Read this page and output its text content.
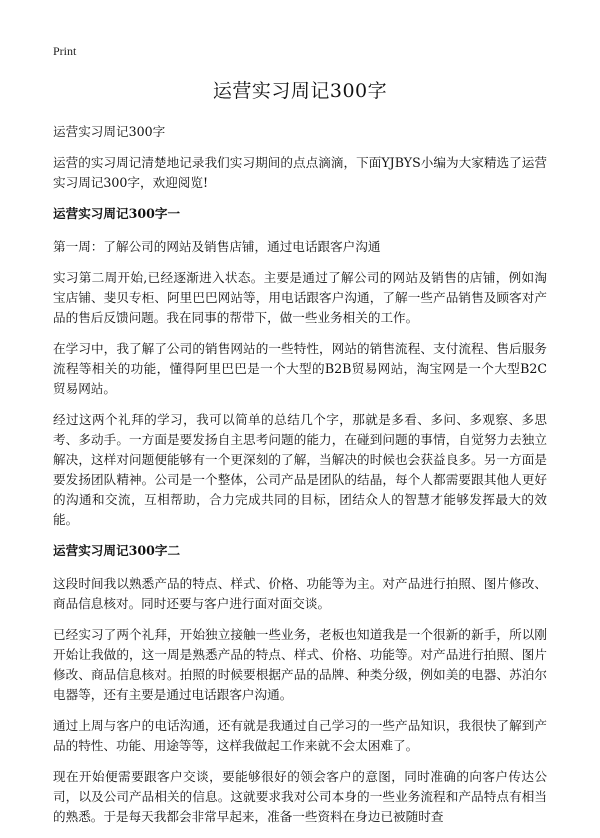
Print
运营实习周记300字

运营实习周记300字

运营的实习周记清楚地记录我们实习期间的点点滴滴，下面YJBYS小编为大家精选了运营实习周记300字，欢迎阅览!

运营实习周记300字一

第一周：了解公司的网站及销售店铺，通过电话跟客户沟通

实习第二周开始,已经逐渐进入状态。主要是通过了解公司的网站及销售的店铺，例如淘宝店铺、斐贝专柜、阿里巴巴网站等，用电话跟客户沟通，了解一些产品销售及顾客对产品的售后反馈问题。我在同事的帮带下，做一些业务相关的工作。

在学习中，我了解了公司的销售网站的一些特性，网站的销售流程、支付流程、售后服务流程等相关的功能，懂得阿里巴巴是一个大型的B2B贸易网站，淘宝网是一个大型B2C贸易网站。

经过这两个礼拜的学习，我可以简单的总结几个字，那就是多看、多问、多观察、多思考、多动手。一方面是要发扬自主思考问题的能力，在碰到问题的事情，自觉努力去独立解决，这样对问题便能够有一个更深刻的了解，当解决的时候也会获益良多。另一方面是要发扬团队精神。公司是一个整体，公司产品是团队的结晶，每个人都需要跟其他人更好的沟通和交流，互相帮助，合力完成共同的目标，团结众人的智慧才能够发挥最大的效能。

运营实习周记300字二

这段时间我以熟悉产品的特点、样式、价格、功能等为主。对产品进行拍照、图片修改、商品信息核对。同时还要与客户进行面对面交谈。

已经实习了两个礼拜，开始独立接触一些业务，老板也知道我是一个很新的新手，所以刚开始让我做的，这一周是熟悉产品的特点、样式、价格、功能等。对产品进行拍照、图片修改、商品信息核对。拍照的时候要根据产品的品牌、种类分级，例如美的电器、苏泊尔电器等，还有主要是通过电话跟客户沟通。

通过上周与客户的电话沟通，还有就是我通过自己学习的一些产品知识，我很快了解到产品的特性、功能、用途等等，这样我做起工作来就不会太困难了。

现在开始便需要跟客户交谈，要能够很好的领会客户的意图，同时准确的向客户传达公司，以及公司产品相关的信息。这就要求我对公司本身的一些业务流程和产品特点有相当的熟悉。于是每天我都会非常早起来，准备一些资料在身边已被随时查
